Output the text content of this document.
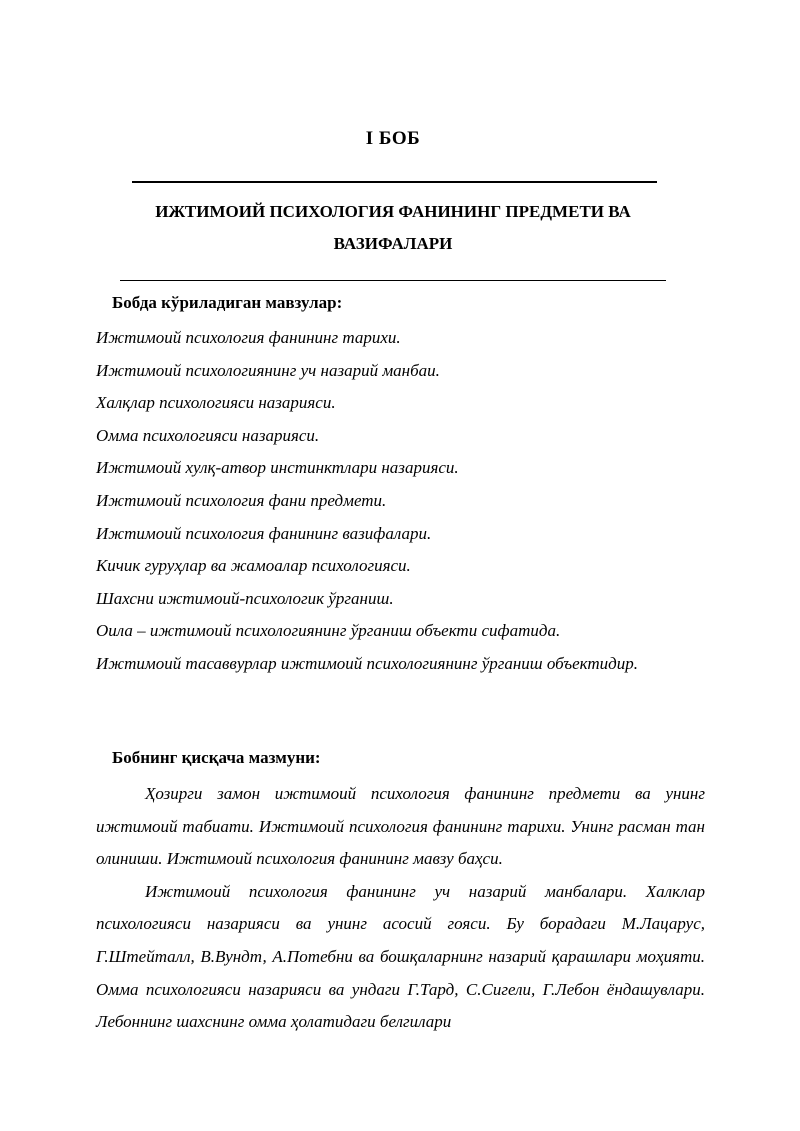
I БОБ
ИЖТИМОИЙ ПСИХОЛОГИЯ ФАНИНИНГ ПРЕДМЕТИ ВА ВАЗИФАЛАРИ
Бобда кўриладиган мавзулар:
Ижтимоий психология фанининг тарихи.
Ижтимоий психологиянинг уч назарий манбаи.
Халқлар психологияси назарияси.
Омма психологияси назарияси.
Ижтимоий хулқ-атвор инстинктлари назарияси.
Ижтимоий психология фани предмети.
Ижтимоий психология фанининг вазифалари.
Кичик гуруҳлар ва жамоалар психологияси.
Шахсни ижтимоий-психологик ўрганиш.
Оила – ижтимоий психологиянинг ўрганиш объекти сифатида.
Ижтимоий тасаввурлар ижтимоий психологиянинг ўрганиш объектидир.
Бобнинг қисқача мазмуни:

Ҳозирги замон ижтимоий психология фанининг предмети ва унинг ижтимоий табиати. Ижтимоий психология фанининг тарихи. Унинг расман тан олиниши. Ижтимоий психология фанининг мавзу баҳси.

Ижтимоий психология фанининг уч назарий манбалари. Халклар психологияси назарияси ва унинг асосий гояси. Бу борадаги М.Лацарус, Г.Штейталл, В.Вундт, А.Потебни ва бошқаларнинг назарий қарашлари моҳияти. Омма психологияси назарияси ва ундаги Г.Тард, С.Сигели, Г.Лебон ёндашувлари. Лебоннинг шахснинг омма ҳолатидаги белгилари
